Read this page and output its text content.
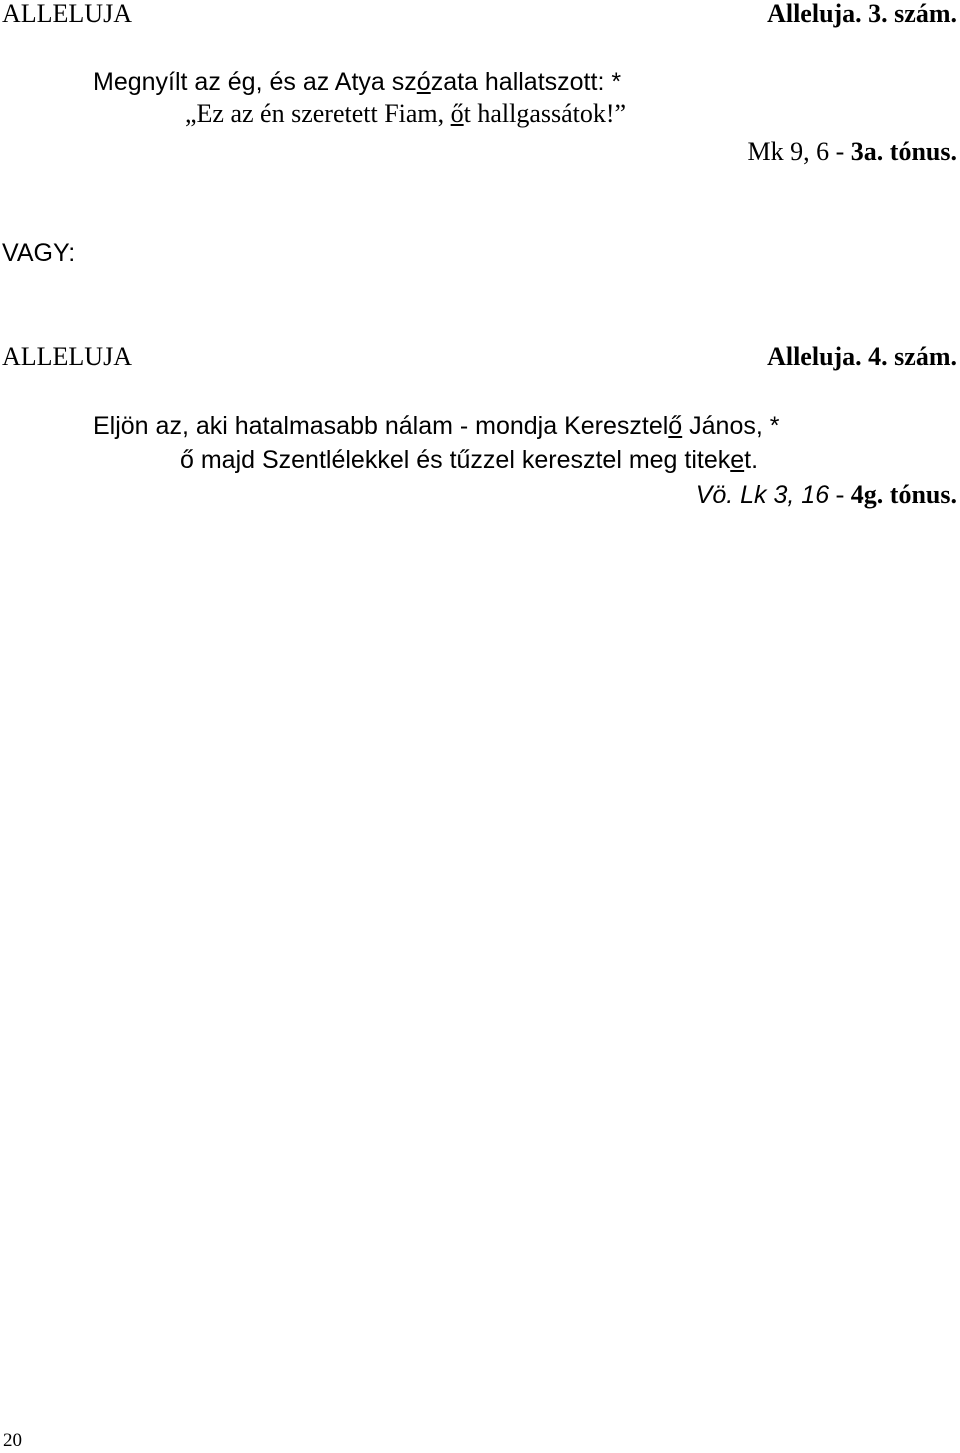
ALLELUJA	Alleluja. 3. szám.
Megnyílt az ég, és az Atya szózata hallatszott: *
„Ez az én szeretett Fiam, őt hallgassátok!”
Mk 9, 6 - 3a. tónus.
VAGY:
ALLELUJA	Alleluja. 4. szám.
Eljön az, aki hatalmasabb nálam - mondja Keresztelő János, *
ő majd Szentlélekkel és tűzzel keresztel meg titeket.
Vö. Lk 3, 16 - 4g. tónus.
20
